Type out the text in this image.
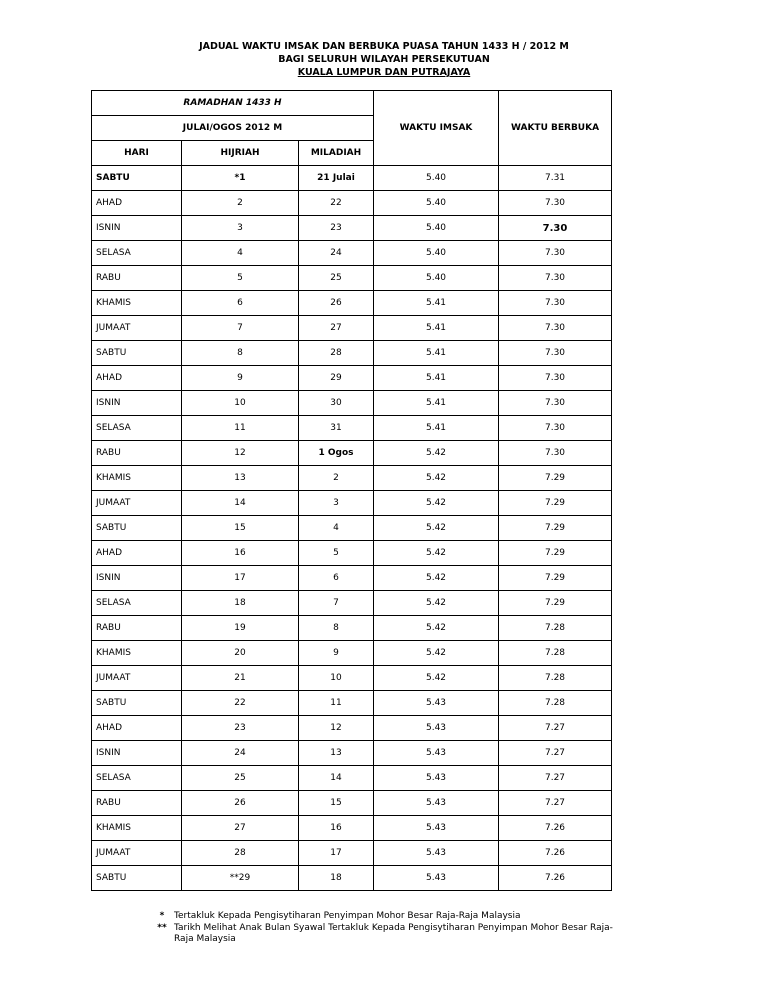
JADUAL WAKTU IMSAK DAN BERBUKA PUASA TAHUN 1433 H / 2012 M
BAGI SELURUH WILAYAH PERSEKUTUAN
KUALA LUMPUR DAN PUTRAJAYA
RAMADHAN 1433 H			WAKTU IMSAK	WAKTU BERBUKA
JULAI/OGOS 2012 M				
HARI	HIJRIAH	MILADIAH		
SABTU	*1	21 Julai	5.40	7.31
AHAD	2	22	5.40	7.30
ISNIN	3	23	5.40	7.30
SELASA	4	24	5.40	7.30
RABU	5	25	5.40	7.30
KHAMIS	6	26	5.41	7.30
JUMAAT	7	27	5.41	7.30
SABTU	8	28	5.41	7.30
AHAD	9	29	5.41	7.30
ISNIN	10	30	5.41	7.30
SELASA	11	31	5.41	7.30
RABU	12	1 Ogos	5.42	7.30
KHAMIS	13	2	5.42	7.29
JUMAAT	14	3	5.42	7.29
SABTU	15	4	5.42	7.29
AHAD	16	5	5.42	7.29
ISNIN	17	6	5.42	7.29
SELASA	18	7	5.42	7.29
RABU	19	8	5.42	7.28
KHAMIS	20	9	5.42	7.28
JUMAAT	21	10	5.42	7.28
SABTU	22	11	5.43	7.28
AHAD	23	12	5.43	7.27
ISNIN	24	13	5.43	7.27
SELASA	25	14	5.43	7.27
RABU	26	15	5.43	7.27
KHAMIS	27	16	5.43	7.26
JUMAAT	28	17	5.43	7.26
SABTU	**29	18	5.43	7.26
*	Tertakluk Kepada Pengisytiharan Penyimpan Mohor Besar Raja-Raja Malaysia
** Tarikh Melihat Anak Bulan Syawal Tertakluk Kepada Pengisytiharan Penyimpan Mohor Besar Raja-Raja Malaysia
